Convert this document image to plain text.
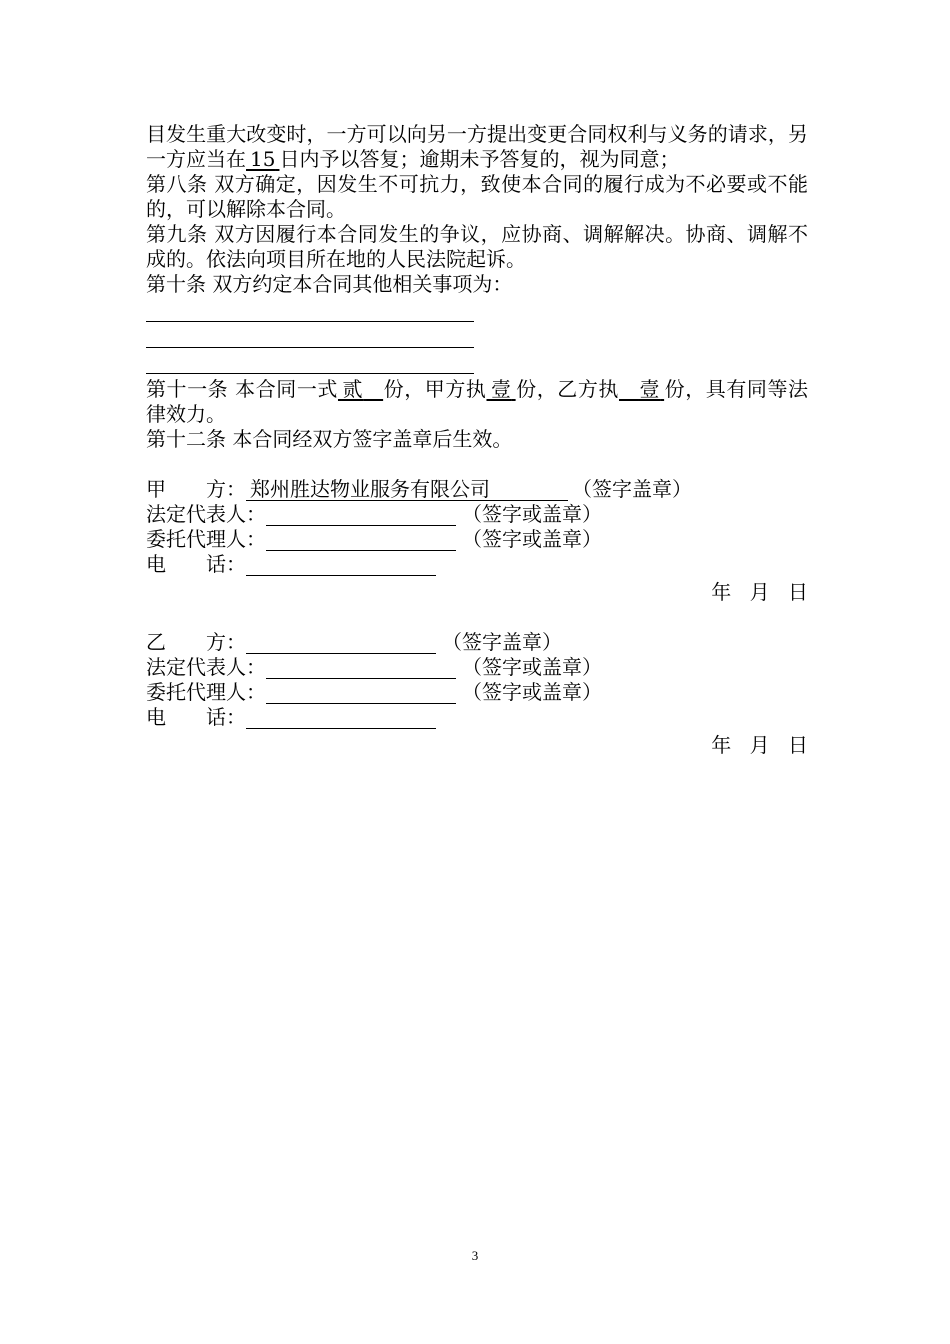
目发生重大改变时，一方可以向另一方提出变更合同权利与义务的请求，另一方应当在  15  日内予以答复；逾期未予答复的，视为同意；

第八条 双方确定，因发生不可抗力，致使本合同的履行成为不必要或不能的，可以解除本合同。

第九条 双方因履行本合同发生的争议，应协商、调解解决。协商、调解不成的。依法向项目所在地的人民法院起诉。

第十条 双方约定本合同其他相关事项为：

第十一条 本合同一式  贰  份，甲方执  壹  份，乙方执  壹  份，具有同等法律效力。

第十二条 本合同经双方签字盖章后生效。

甲　　方：  郑州胜达物业服务有限公司	（签字盖章）
法定代表人：	（签字或盖章）
委托代理人：	（签字或盖章）
电　　话：
年 月 日
乙　　方：	（签字盖章）
法定代表人：	（签字或盖章）
委托代理人：	（签字或盖章）
电　　话：
年 月 日
3
